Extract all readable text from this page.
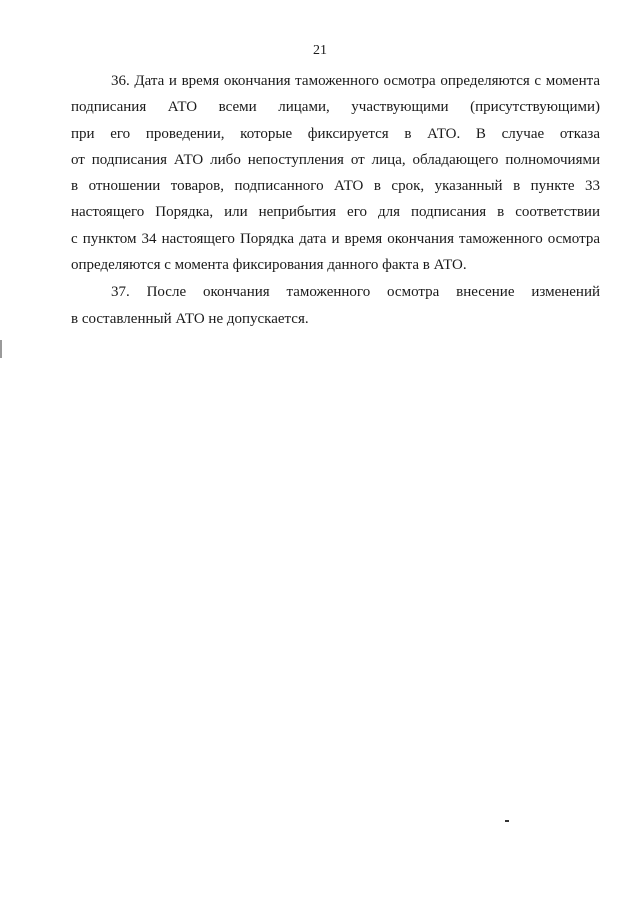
21

36. Дата и время окончания таможенного осмотра определяются с момента
подписания АТО всеми лицами, участвующими (присутствующими)
при его проведении, которые фиксируется в АТО. В случае отказа
от подписания АТО либо непоступления от лица, обладающего полномочиями
в отношении товаров, подписанного АТО в срок, указанный в пункте 33
настоящего Порядка, или неприбытия его для подписания в соответствии
с пунктом 34 настоящего Порядка дата и время окончания таможенного осмотра
определяются с момента фиксирования данного факта в АТО.

37. После окончания таможенного осмотра внесение изменений
в составленный АТО не допускается.
